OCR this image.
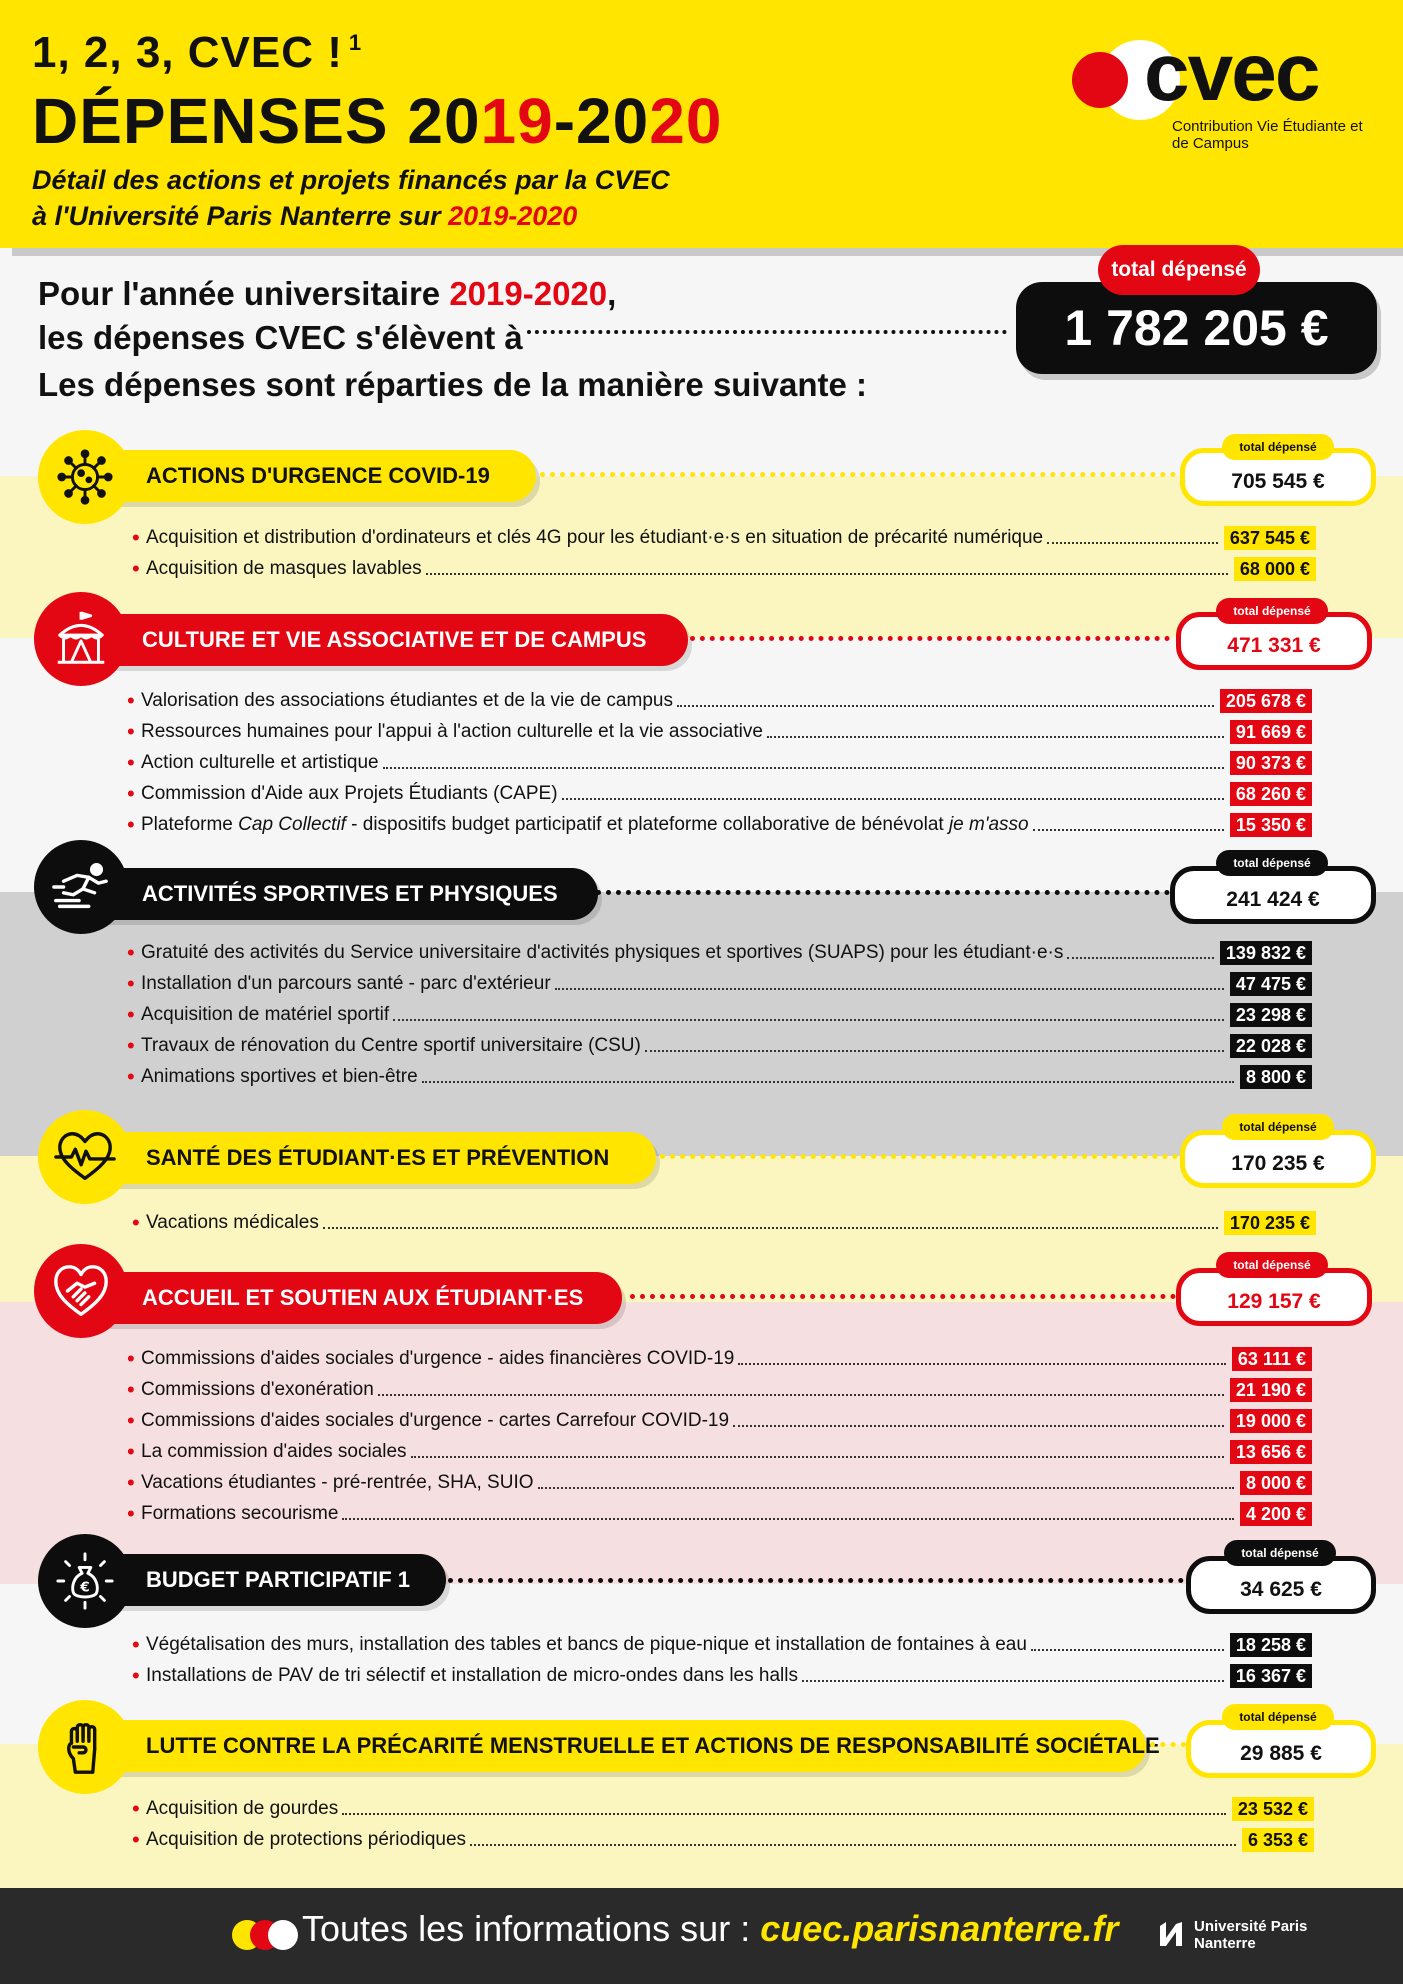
1, 2, 3, CVEC ! $^1$
DÉPENSES 2019-2020

Détail des actions et projets financés par la CVEC
à l'Université Paris Nanterre sur 2019-2020

cvec
Contribution Vie Étudiante et de Campus
Pour l'année universitaire 2019-2020,
les dépenses CVEC s'élèvent à
Les dépenses sont réparties de la manière suivante :
1 782 205 €
total dépensé
ACTIONS D'URGENCE COVID-19	705 545 €
total dépensé
• Acquisition et distribution d'ordinateurs et clés 4G pour les étudiant·e·s en situation de précarité numérique	637 545 €
• Acquisition de masques lavables	68 000 €
CULTURE ET VIE ASSOCIATIVE ET DE CAMPUS	471 331 €
total dépensé
• Valorisation des associations étudiantes et de la vie de campus	205 678 €
• Ressources humaines pour l'appui à l'action culturelle et la vie associative	91 669 €
• Action culturelle et artistique	90 373 €
• Commission d'Aide aux Projets Étudiants (CAPE)	68 260 €
• Plateforme Cap Collectif - dispositifs budget participatif et plateforme collaborative de bénévolat je m'asso	15 350 €
ACTIVITÉS SPORTIVES ET PHYSIQUES	241 424 €
total dépensé
• Gratuité des activités du Service universitaire d'activités physiques et sportives (SUAPS) pour les étudiant·e·s	139 832 €
• Installation d'un parcours santé - parc d'extérieur	47 475 €
• Acquisition de matériel sportif	23 298 €
• Travaux de rénovation du Centre sportif universitaire (CSU)	22 028 €
• Animations sportives et bien-être	8 800 €
SANTÉ DES ÉTUDIANT·ES ET PRÉVENTION	170 235 €
total dépensé
• Vacations médicales	170 235 €
ACCUEIL ET SOUTIEN AUX ÉTUDIANT·ES	129 157 €
total dépensé
• Commissions d'aides sociales d'urgence - aides financières COVID-19	63 111 €
• Commissions d'exonération	21 190 €
• Commissions d'aides sociales d'urgence - cartes Carrefour COVID-19	19 000 €
• La commission d'aides sociales	13 656 €
• Vacations étudiantes - pré-rentrée, SHA, SUIO	8 000 €
• Formations secourisme	4 200 €
BUDGET PARTICIPATIF 1
€	34 625 €
total dépensé
• Végétalisation des murs, installation des tables et bancs de pique-nique et installation de fontaines à eau	18 258 €
• Installations de PAV de tri sélectif et installation de micro-ondes dans les halls	16 367 €
LUTTE CONTRE LA PRÉCARITÉ MENSTRUELLE ET ACTIONS DE RESPONSABILITÉ SOCIÉTALE	29 885 €
total dépensé
• Acquisition de gourdes	23 532 €
• Acquisition de protections périodiques	6 353 €
Toutes les informations sur : cuec.parisnanterre.fr	Université Paris Nanterre
